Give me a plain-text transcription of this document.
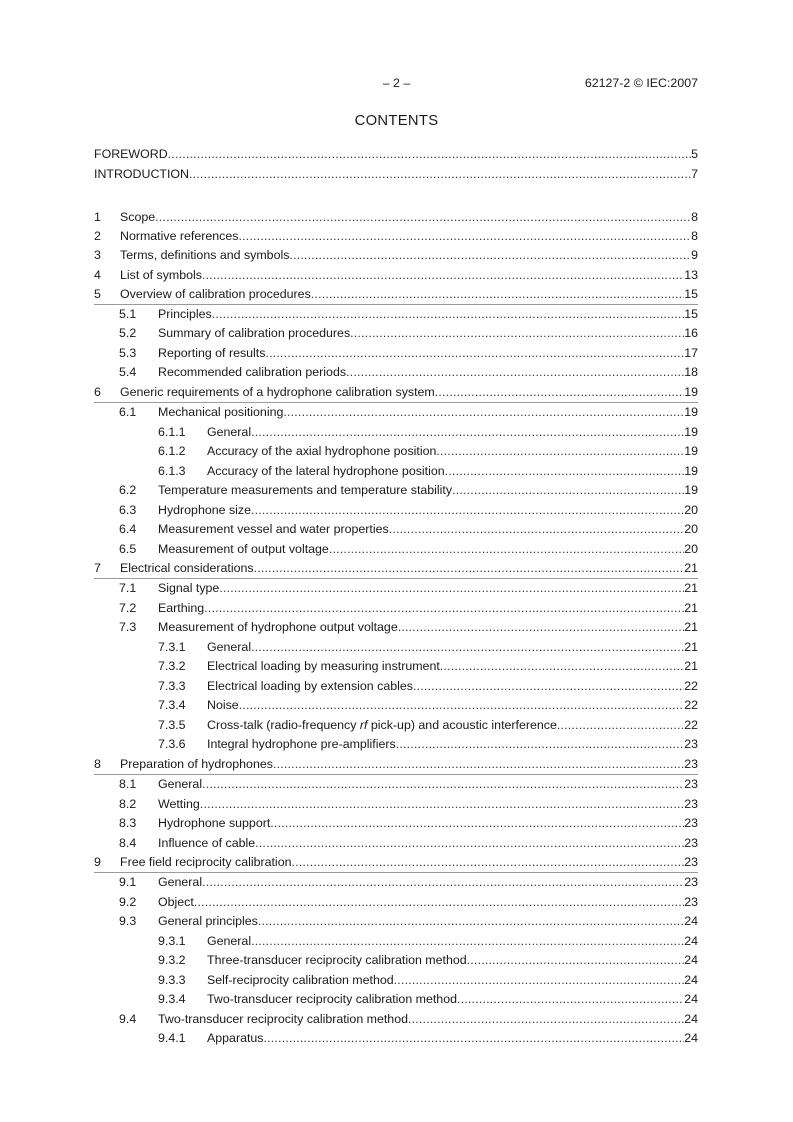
– 2 –	62127-2 © IEC:2007
CONTENTS
FOREWORD .....	5
INTRODUCTION .....	7
1 Scope .....	8
2 Normative references .....	8
3 Terms, definitions and symbols .....	9
4 List of symbols .....	13
5 Overview of calibration procedures .....	15
5.1 Principles .....	15
5.2 Summary of calibration procedures .....	16
5.3 Reporting of results .....	17
5.4 Recommended calibration periods .....	18
6 Generic requirements of a hydrophone calibration system .....	19
6.1 Mechanical positioning .....	19
6.1.1 General .....	19
6.1.2 Accuracy of the axial hydrophone position .....	19
6.1.3 Accuracy of the lateral hydrophone position .....	19
6.2 Temperature measurements and temperature stability .....	19
6.3 Hydrophone size .....	20
6.4 Measurement vessel and water properties .....	20
6.5 Measurement of output voltage .....	20
7 Electrical considerations .....	21
7.1 Signal type .....	21
7.2 Earthing .....	21
7.3 Measurement of hydrophone output voltage .....	21
7.3.1 General .....	21
7.3.2 Electrical loading by measuring instrument .....	21
7.3.3 Electrical loading by extension cables .....	22
7.3.4 Noise .....	22
7.3.5 Cross-talk (radio-frequency rf pick-up) and acoustic interference .....	22
7.3.6 Integral hydrophone pre-amplifiers .....	23
8 Preparation of hydrophones .....	23
8.1 General .....	23
8.2 Wetting .....	23
8.3 Hydrophone support .....	23
8.4 Influence of cable .....	23
9 Free field reciprocity calibration .....	23
9.1 General .....	23
9.2 Object .....	23
9.3 General principles .....	24
9.3.1 General .....	24
9.3.2 Three-transducer reciprocity calibration method .....	24
9.3.3 Self-reciprocity calibration method .....	24
9.3.4 Two-transducer reciprocity calibration method .....	24
9.4 Two-transducer reciprocity calibration method .....	24
9.4.1 Apparatus .....	24
